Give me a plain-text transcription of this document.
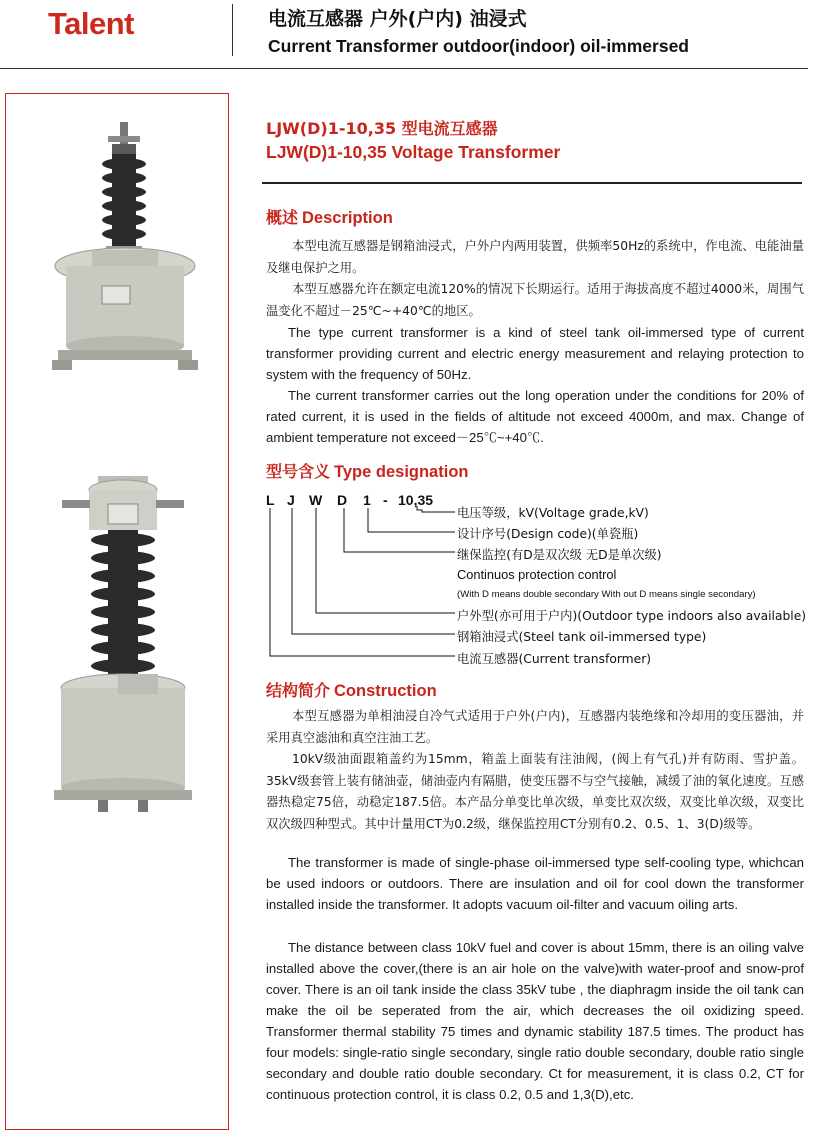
Talent	电流互感器 户外(户内) 油浸式
Current Transformer outdoor(indoor) oil-immersed
LJW(D)1-10,35 型电流互感器
LJW(D)1-10,35 Voltage Transformer
概述 Description

本型电流互感器是钢箱油浸式，户外户内两用装置，供频率50Hz的系统中，作电流、电能油量及继电保护之用。

本型互感器允许在额定电流120%的情况下长期运行。适用于海拔高度不超过4000米，周围气温变化不超过－25℃~+40℃的地区。

The type current transformer is a kind of steel tank oil-immersed type of current transformer providing current and electric energy measurement and relaying protection to system with the frequency of 50Hz.

The current transformer carries out the long operation under the conditions for 20% of rated current, it is used in the fields of altitude not exceed 4000m, and max. Change of ambient temperature not exceed－25℃~+40℃.

型号含义 Type designation
L J W D 1 - 10,35
电压等级，kV(Voltage grade,kV)
设计序号(Design code)(单瓷瓶)
继保监控(有D是双次级 无D是单次级)
Continuos protection control
(With D means double secondary With out D means single secondary)
户外型(亦可用于户内)(Outdoor type indoors also available)
钢箱油浸式(Steel tank oil-immersed type)
电流互感器(Current transformer)
结构简介 Construction

本型互感器为单相油浸自冷气式适用于户外(户内)，互感器内装绝缘和冷却用的变压器油，并采用真空滤油和真空注油工艺。

10kV级油面跟箱盖约为15mm，箱盖上面装有注油阀，(阀上有气孔)并有防雨、雪护盖。35kV级套管上装有储油壶，储油壶内有隔腊，使变压器不与空气接触，减缓了油的氧化速度。互感器热稳定75倍，动稳定187.5倍。本产品分单变比单次级，单变比双次级，双变比单次级，双变比双次级四种型式。其中计量用CT为0.2级，继保监控用CT分别有0.2、0.5、1、3(D)级等。

The transformer is made of single-phase oil-immersed type self-cooling type, whichcan be used indoors or outdoors. There are insulation and oil for cool down the transformer installed inside the transformer. It adopts vacuum oil-filter and vacuum oiling arts.

The distance between class 10kV fuel and cover is about 15mm, there is an oiling valve installed above the cover,(there is an air hole on the valve)with water-proof and snow-prof cover. There is an oil tank inside the class 35kV tube , the diaphragm inside the oil tank can make the oil be seperated from the air, which decreases the oil oxidizing speed. Transformer thermal stability 75 times and dynamic stability 187.5 times. The product has four models: single-ratio single secondary, single ratio double secondary, double ratio single secondary and double ratio double secondary. Ct for measurement, it is class 0.2, CT for continuous protection control, it is class 0.2, 0.5 and 1,3(D),etc.
